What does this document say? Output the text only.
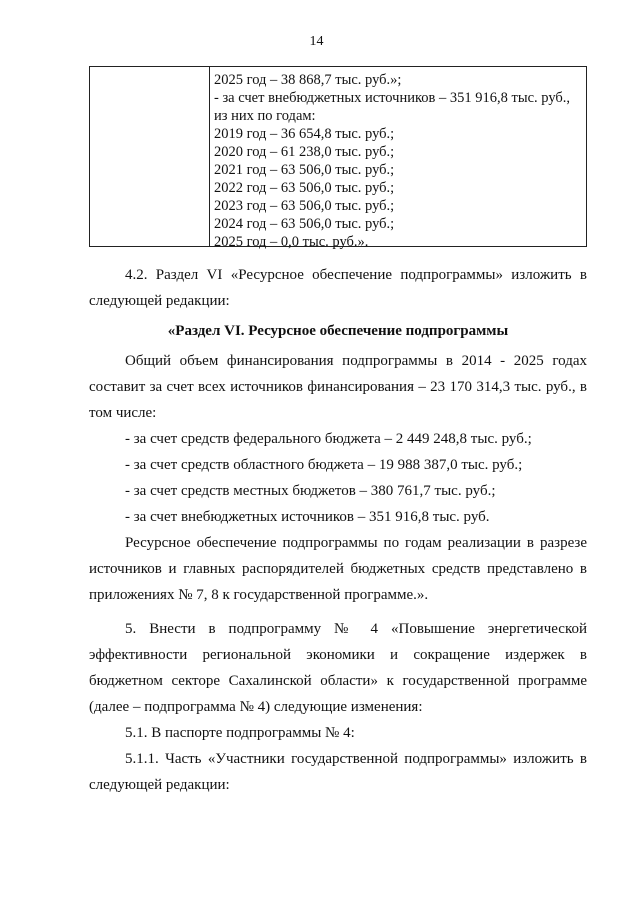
14
2025 год – 38 868,7 тыс. руб.»;
- за счет внебюджетных источников – 351 916,8 тыс. руб.,
из них по годам:
2019 год – 36 654,8 тыс. руб.;
2020 год – 61 238,0 тыс. руб.;
2021 год – 63 506,0 тыс. руб.;
2022 год – 63 506,0 тыс. руб.;
2023 год – 63 506,0 тыс. руб.;
2024 год – 63 506,0 тыс. руб.;
2025 год – 0,0 тыс. руб.».

4.2. Раздел VI «Ресурсное обеспечение подпрограммы» изложить в следующей редакции:

«Раздел VI. Ресурсное обеспечение подпрограммы

Общий объем финансирования подпрограммы в 2014 - 2025 годах составит за счет всех источников финансирования – 23 170 314,3 тыс. руб., в том числе:

- за счет средств федерального бюджета – 2 449 248,8 тыс. руб.;

- за счет средств областного бюджета – 19 988 387,0 тыс. руб.;

- за счет средств местных бюджетов – 380 761,7 тыс. руб.;

- за счет внебюджетных источников – 351 916,8 тыс. руб.

Ресурсное обеспечение подпрограммы по годам реализации в разрезе источников и главных распорядителей бюджетных средств представлено в приложениях № 7, 8 к государственной программе.».

5. Внести в подпрограмму № 4 «Повышение энергетической эффективности региональной экономики и сокращение издержек в бюджетном секторе Сахалинской области» к государственной программе (далее – подпрограмма № 4) следующие изменения:

5.1. В паспорте подпрограммы № 4:

5.1.1. Часть «Участники государственной подпрограммы» изложить в следующей редакции:
